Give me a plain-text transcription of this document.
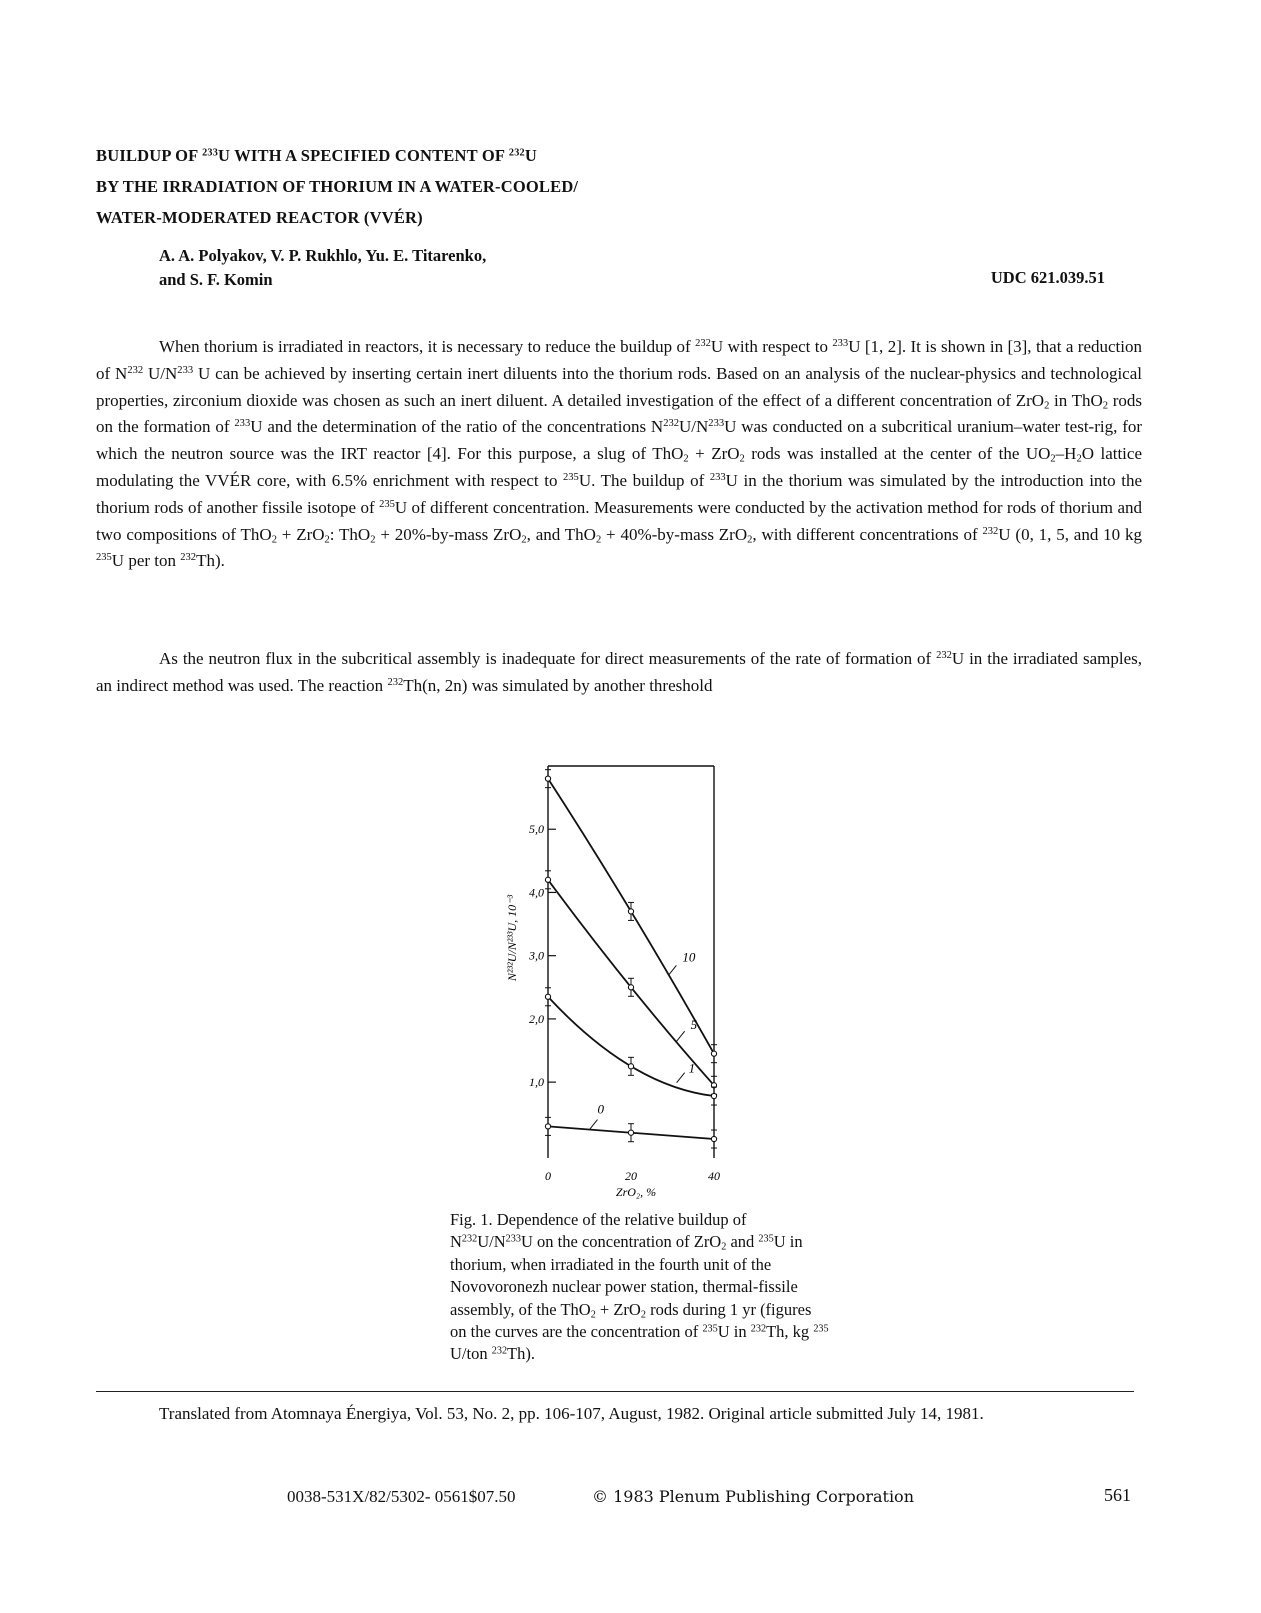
BUILDUP OF $^{233}$U WITH A SPECIFIED CONTENT OF $^{232}$U
BY THE IRRADIATION OF THORIUM IN A WATER-COOLED/
WATER-MODERATED REACTOR (VVÉR)
A. A. Polyakov, V. P. Rukhlo, Yu. E. Titarenko,
and S. F. Komin	UDC 621.039.51
When thorium is irradiated in reactors, it is necessary to reduce the buildup of $^{232}$U with respect to $^{233}$U [1, 2]. It is shown in [3], that a reduction of $N^{232}$ $U/N^{233}$ U can be achieved by inserting certain inert diluents into the thorium rods. Based on an analysis of the nuclear-physics and technological properties, zirconium dioxide was chosen as such an inert diluent. A detailed investigation of the effect of a different concentration of ZrO$_2$ in ThO$_2$ rods on the formation of $^{233}$U and the determination of the ratio of the concentrations $N^{232}U/N^{233}U$ was conducted on a subcritical uranium–water test-rig, for which the neutron source was the IRT reactor [4]. For this purpose, a slug of ThO$_2$ + ZrO$_2$ rods was installed at the center of the $UO_2-H_2O$ lattice modulating the VVÉR core, with 6.5% enrichment with respect to $^{235}$U. The buildup of $^{233}$U in the thorium was simulated by the introduction into the thorium rods of another fissile isotope of $^{235}$U of different concentration. Measurements were conducted by the activation method for rods of thorium and two compositions of ThO$_2$ + ZrO$_2$: ThO$_2$ + 20%-by-mass ZrO$_2$, and ThO$_2$ + 40%-by-mass ZrO$_2$, with different concentrations of $^{232}$U (0, 1, 5, and 10 kg $^{235}$U per ton $^{232}$Th).
As the neutron flux in the subcritical assembly is inadequate for direct measurements of the rate of formation of $^{232}$U in the irradiated samples, an indirect method was used. The reaction $^{232}$Th(n, 2n) was simulated by another threshold
1,0
2,0
3,0
4,0
5,0
0	20	40
10
5
1
0
N²³²U/N²³³U, 10⁻³
ZrO₂, %
Fig. 1. Dependence of the relative buildup of $N^{232}U/N^{233}U$ on the concentration of ZrO$_2$ and $^{235}$U in thorium, when irradiated in the fourth unit of the Novovoronezh nuclear power station, thermal-fissile assembly, of the ThO$_2$ + ZrO$_2$ rods during 1 yr (figures on the curves are the concentration of $^{235}$U in $^{232}$Th, kg $^{235}$ U/ton $^{232}$Th).
Translated from Atomnaya Énergiya, Vol. 53, No. 2, pp. 106-107, August, 1982. Original article submitted July 14, 1981.
0038-531X/82/5302- 0561$07.50	© 1983 Plenum Publishing Corporation	561
